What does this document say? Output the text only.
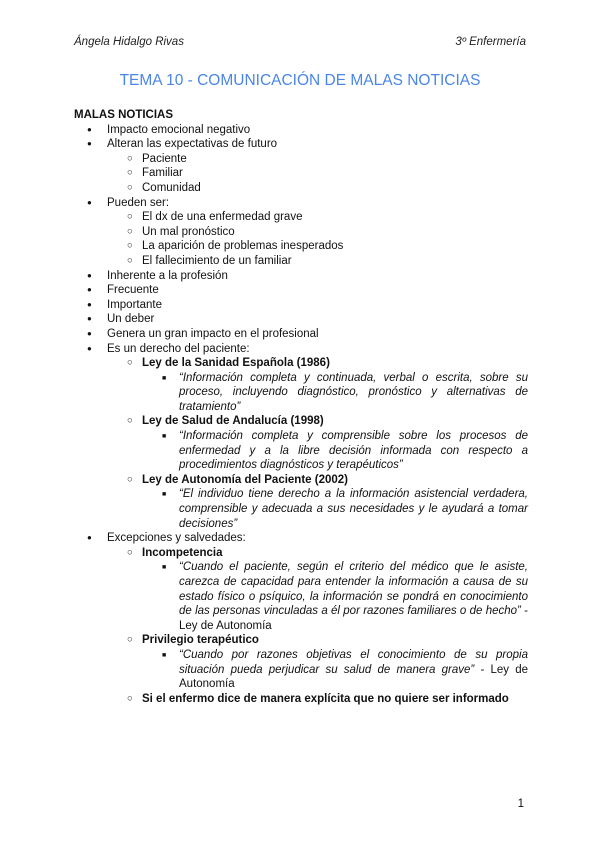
Ángela Hidalgo Rivas	3º Enfermería
TEMA 10 - COMUNICACIÓN DE MALAS NOTICIAS
MALAS NOTICIAS
● Impacto emocional negativo
● Alteran las expectativas de futuro
○ Paciente
○ Familiar
○ Comunidad
● Pueden ser:
○ El dx de una enfermedad grave
○ Un mal pronóstico
○ La aparición de problemas inesperados
○ El fallecimiento de un familiar
● Inherente a la profesión
● Frecuente
● Importante
● Un deber
● Genera un gran impacto en el profesional
● Es un derecho del paciente:
○ Ley de la Sanidad Española (1986)
■ “Información completa y continuada, verbal o escrita, sobre su proceso, incluyendo diagnóstico, pronóstico y alternativas de tratamiento”
○ Ley de Salud de Andalucía (1998)
■ “Información completa y comprensible sobre los procesos de enfermedad y a la libre decisión informada con respecto a procedimientos diagnósticos y terapéuticos”
○ Ley de Autonomía del Paciente (2002)
■ “El individuo tiene derecho a la información asistencial verdadera, comprensible y adecuada a sus necesidades y le ayudará a tomar decisiones”
● Excepciones y salvedades:
○ Incompetencia
■ “Cuando el paciente, según el criterio del médico que le asiste, carezca de capacidad para entender la información a causa de su estado físico o psíquico, la información se pondrá en conocimiento de las personas vinculadas a él por razones familiares o de hecho” - Ley de Autonomía
○ Privilegio terapéutico
■ “Cuando por razones objetivas el conocimiento de su propia situación pueda perjudicar su salud de manera grave” - Ley de Autonomía
○ Si el enfermo dice de manera explícita que no quiere ser informado
1
